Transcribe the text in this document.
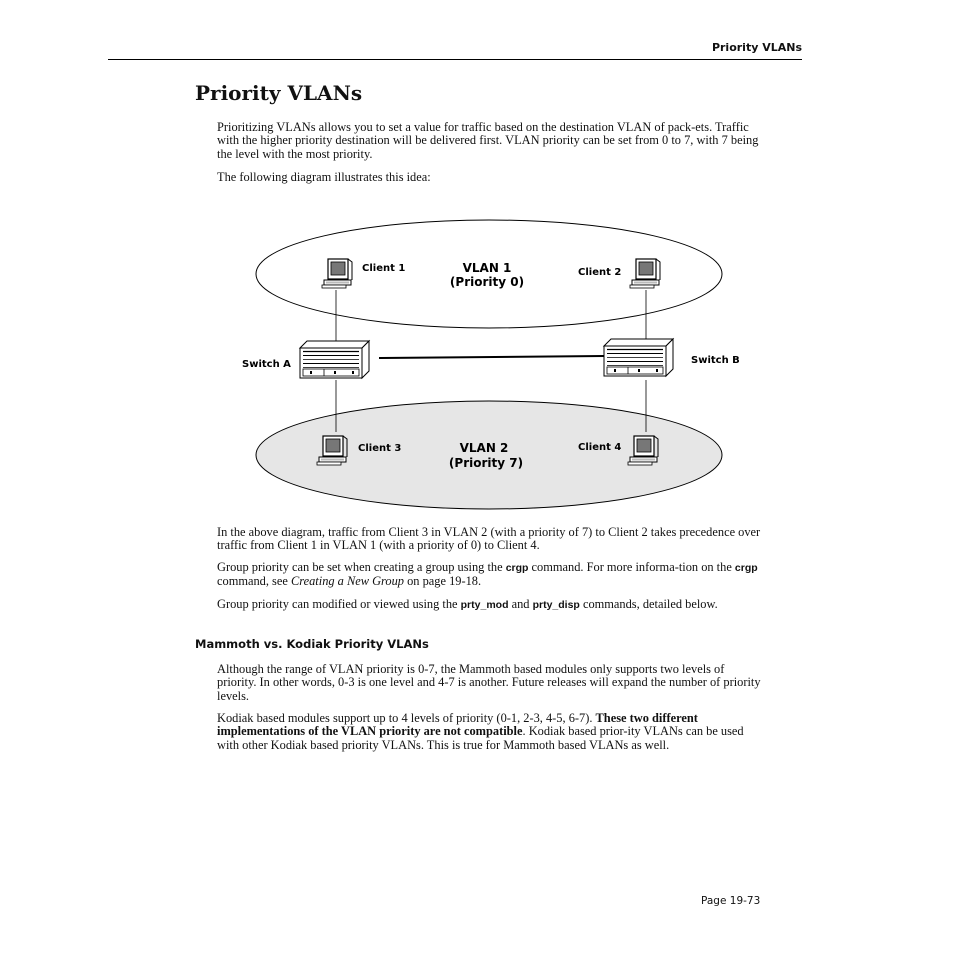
Priority VLANs
Priority VLANs

Prioritizing VLANs allows you to set a value for traffic based on the destination VLAN of pack-ets. Traffic with the higher priority destination will be delivered first. VLAN priority can be set from 0 to 7, with 7 being the level with the most priority.

The following diagram illustrates this idea:

Client 1	Client 2
Client 3	Client 4
Switch A	Switch B
VLAN 1
(Priority 0)
VLAN 2
(Priority 7)

In the above diagram, traffic from Client 3 in VLAN 2 (with a priority of 7) to Client 2 takes precedence over traffic from Client 1 in VLAN 1 (with a priority of 0) to Client 4.

Group priority can be set when creating a group using the crgp command. For more informa-tion on the crgp command, see Creating a New Group on page 19-18.

Group priority can modified or viewed using the prty_mod and prty_disp commands, detailed below.

Mammoth vs. Kodiak Priority VLANs

Although the range of VLAN priority is 0-7, the Mammoth based modules only supports two levels of priority. In other words, 0-3 is one level and 4-7 is another. Future releases will expand the number of priority levels.

Kodiak based modules support up to 4 levels of priority (0-1, 2-3, 4-5, 6-7). These two different implementations of the VLAN priority are not compatible. Kodiak based prior-ity VLANs can be used with other Kodiak based priority VLANs. This is true for Mammoth based VLANs as well.

Page 19-73
